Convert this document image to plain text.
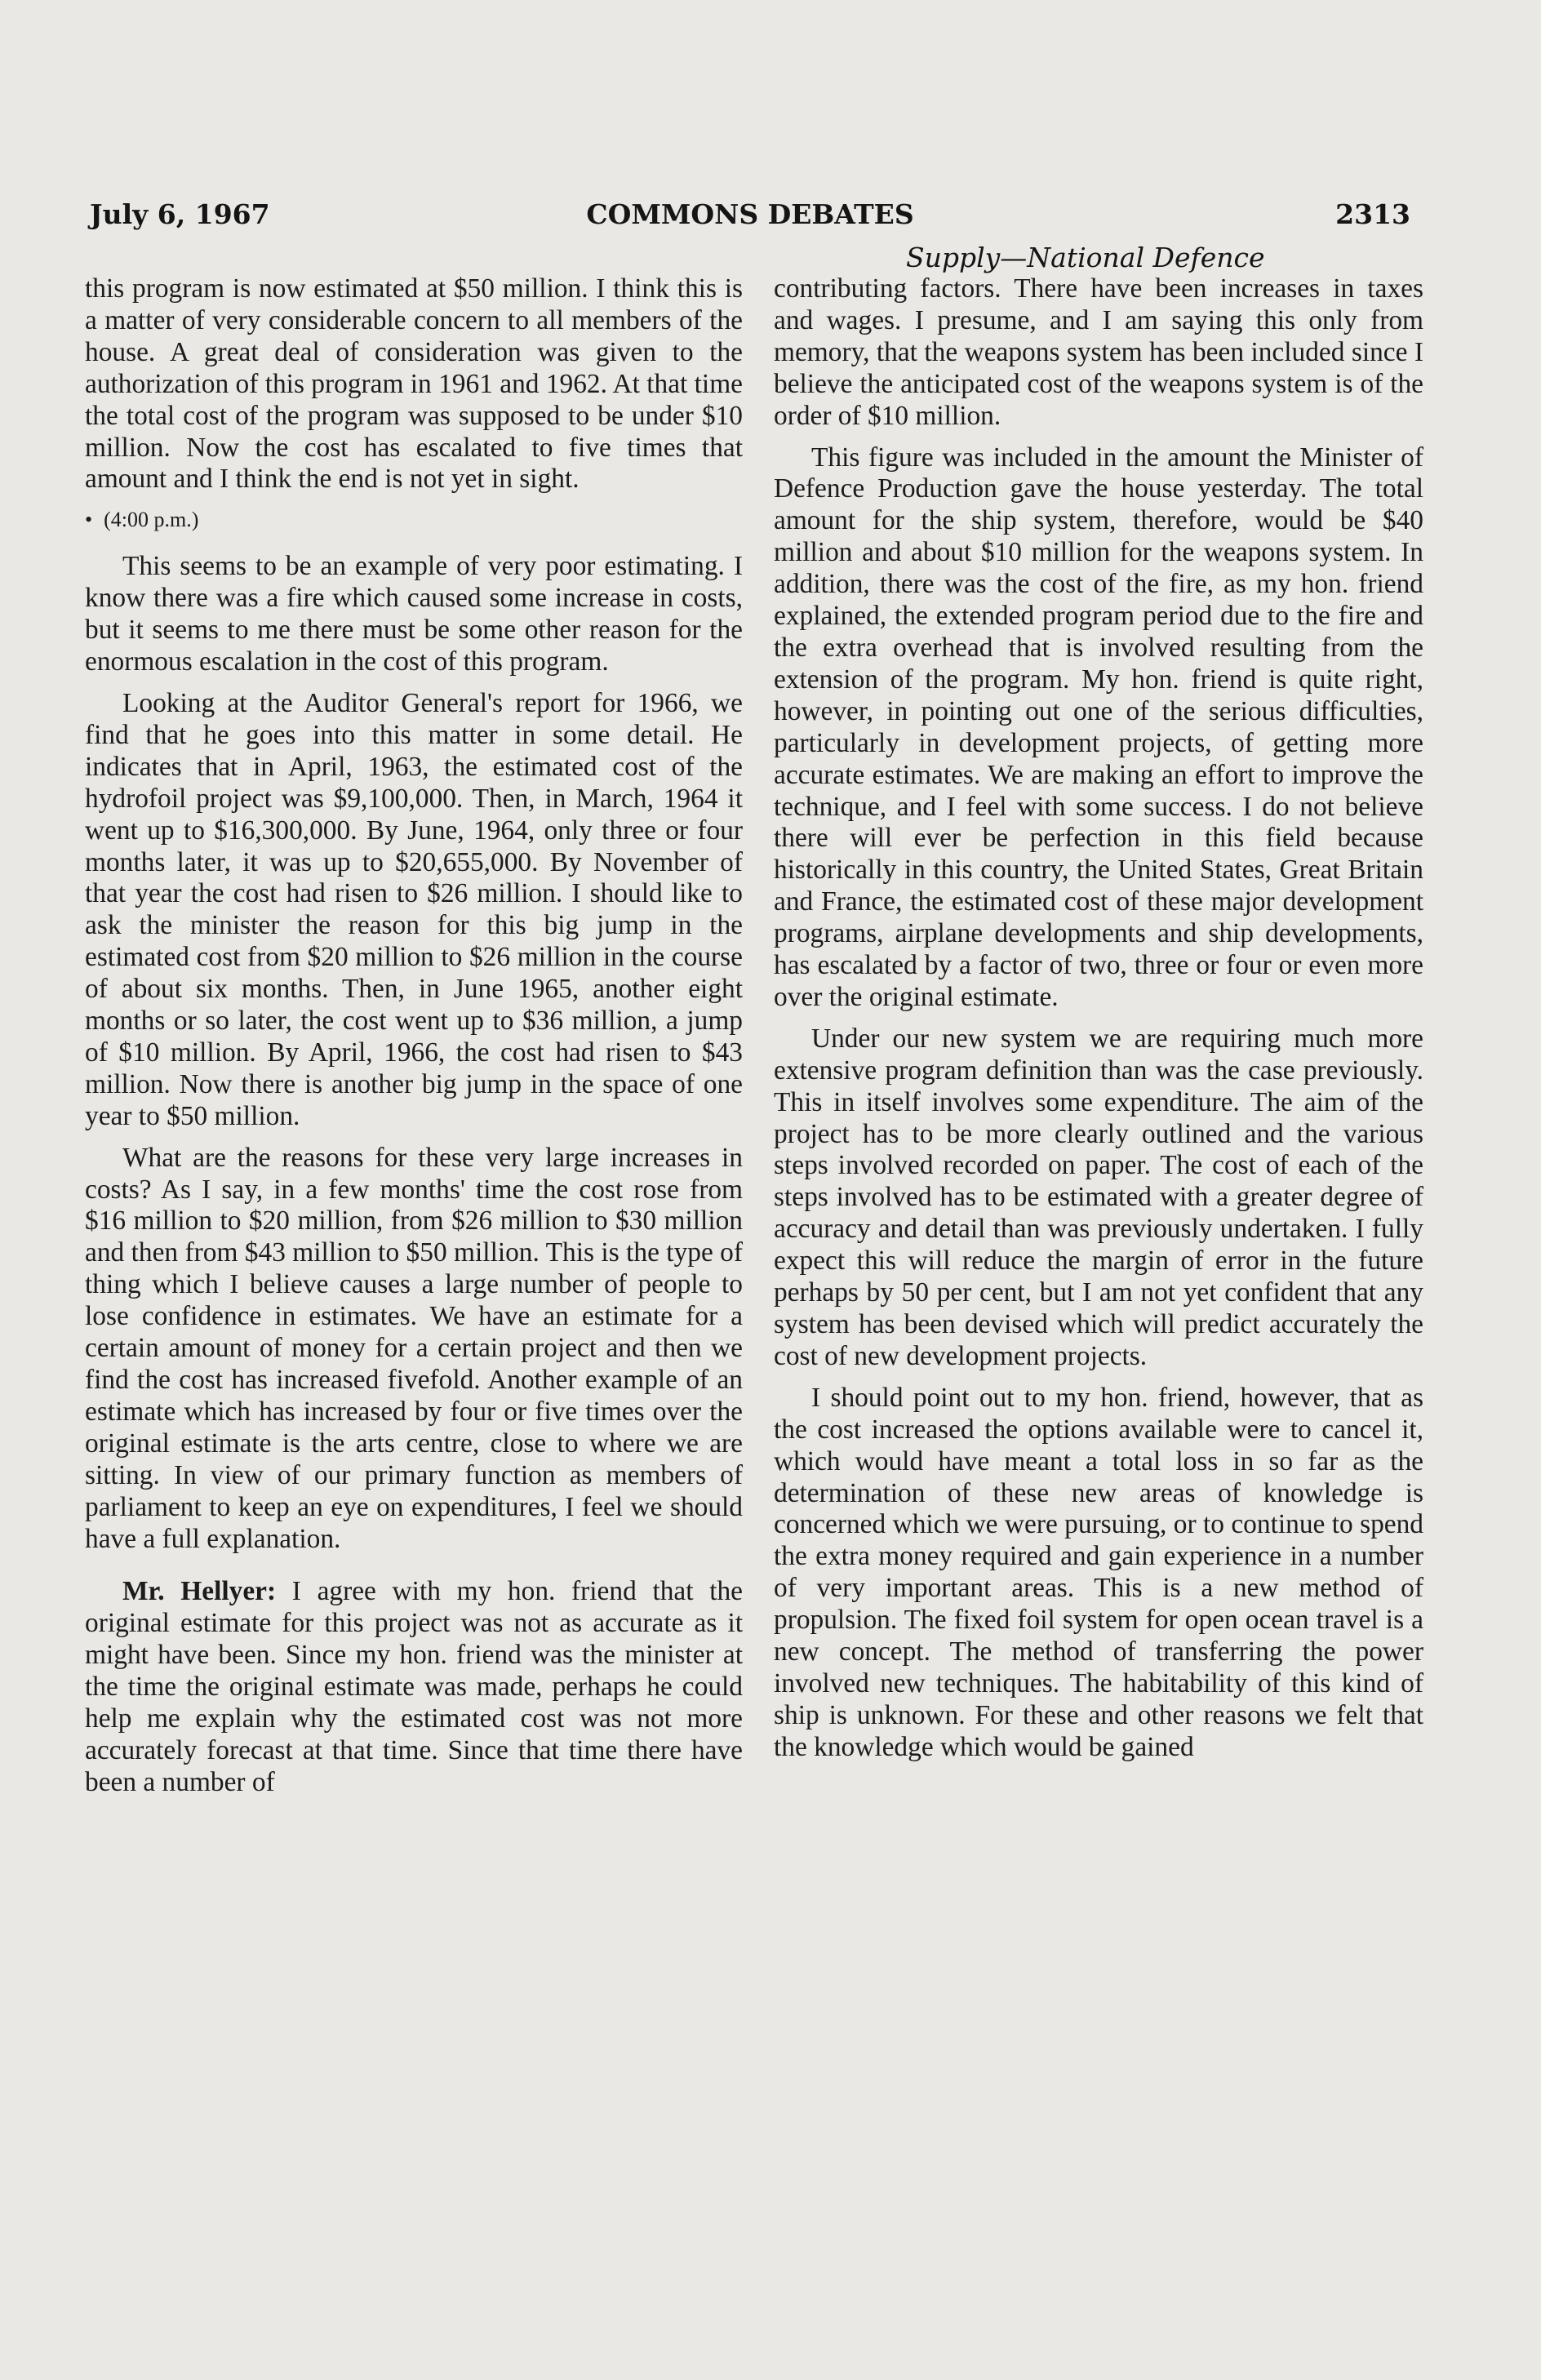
July 6, 1967	COMMONS DEBATES	2313
Supply—National Defence

this program is now estimated at $50 million. I think this is a matter of very considerable concern to all members of the house. A great deal of consideration was given to the authorization of this program in 1961 and 1962. At that time the total cost of the program was supposed to be under $10 million. Now the cost has escalated to five times that amount and I think the end is not yet in sight.

• (4:00 p.m.)

This seems to be an example of very poor estimating. I know there was a fire which caused some increase in costs, but it seems to me there must be some other reason for the enormous escalation in the cost of this program.

Looking at the Auditor General's report for 1966, we find that he goes into this matter in some detail. He indicates that in April, 1963, the estimated cost of the hydrofoil project was $9,100,000. Then, in March, 1964 it went up to $16,300,000. By June, 1964, only three or four months later, it was up to $20,655,000. By November of that year the cost had risen to $26 million. I should like to ask the minister the reason for this big jump in the estimated cost from $20 million to $26 million in the course of about six months. Then, in June 1965, another eight months or so later, the cost went up to $36 million, a jump of $10 million. By April, 1966, the cost had risen to $43 million. Now there is another big jump in the space of one year to $50 million.

What are the reasons for these very large increases in costs? As I say, in a few months' time the cost rose from $16 million to $20 million, from $26 million to $30 million and then from $43 million to $50 million. This is the type of thing which I believe causes a large number of people to lose confidence in estimates. We have an estimate for a certain amount of money for a certain project and then we find the cost has increased fivefold. Another example of an estimate which has increased by four or five times over the original estimate is the arts centre, close to where we are sitting. In view of our primary function as members of parliament to keep an eye on expenditures, I feel we should have a full explanation.

Mr. Hellyer: I agree with my hon. friend that the original estimate for this project was not as accurate as it might have been. Since my hon. friend was the minister at the time the original estimate was made, perhaps he could help me explain why the estimated cost was not more accurately forecast at that time. Since that time there have been a number of

contributing factors. There have been increases in taxes and wages. I presume, and I am saying this only from memory, that the weapons system has been included since I believe the anticipated cost of the weapons system is of the order of $10 million.

This figure was included in the amount the Minister of Defence Production gave the house yesterday. The total amount for the ship system, therefore, would be $40 million and about $10 million for the weapons system. In addition, there was the cost of the fire, as my hon. friend explained, the extended program period due to the fire and the extra overhead that is involved resulting from the extension of the program. My hon. friend is quite right, however, in pointing out one of the serious difficulties, particularly in development projects, of getting more accurate estimates. We are making an effort to improve the technique, and I feel with some success. I do not believe there will ever be perfection in this field because historically in this country, the United States, Great Britain and France, the estimated cost of these major development programs, airplane developments and ship developments, has escalated by a factor of two, three or four or even more over the original estimate.

Under our new system we are requiring much more extensive program definition than was the case previously. This in itself involves some expenditure. The aim of the project has to be more clearly outlined and the various steps involved recorded on paper. The cost of each of the steps involved has to be estimated with a greater degree of accuracy and detail than was previously undertaken. I fully expect this will reduce the margin of error in the future perhaps by 50 per cent, but I am not yet confident that any system has been devised which will predict accurately the cost of new development projects.

I should point out to my hon. friend, however, that as the cost increased the options available were to cancel it, which would have meant a total loss in so far as the determination of these new areas of knowledge is concerned which we were pursuing, or to continue to spend the extra money required and gain experience in a number of very important areas. This is a new method of propulsion. The fixed foil system for open ocean travel is a new concept. The method of transferring the power involved new techniques. The habitability of this kind of ship is unknown. For these and other reasons we felt that the knowledge which would be gained
